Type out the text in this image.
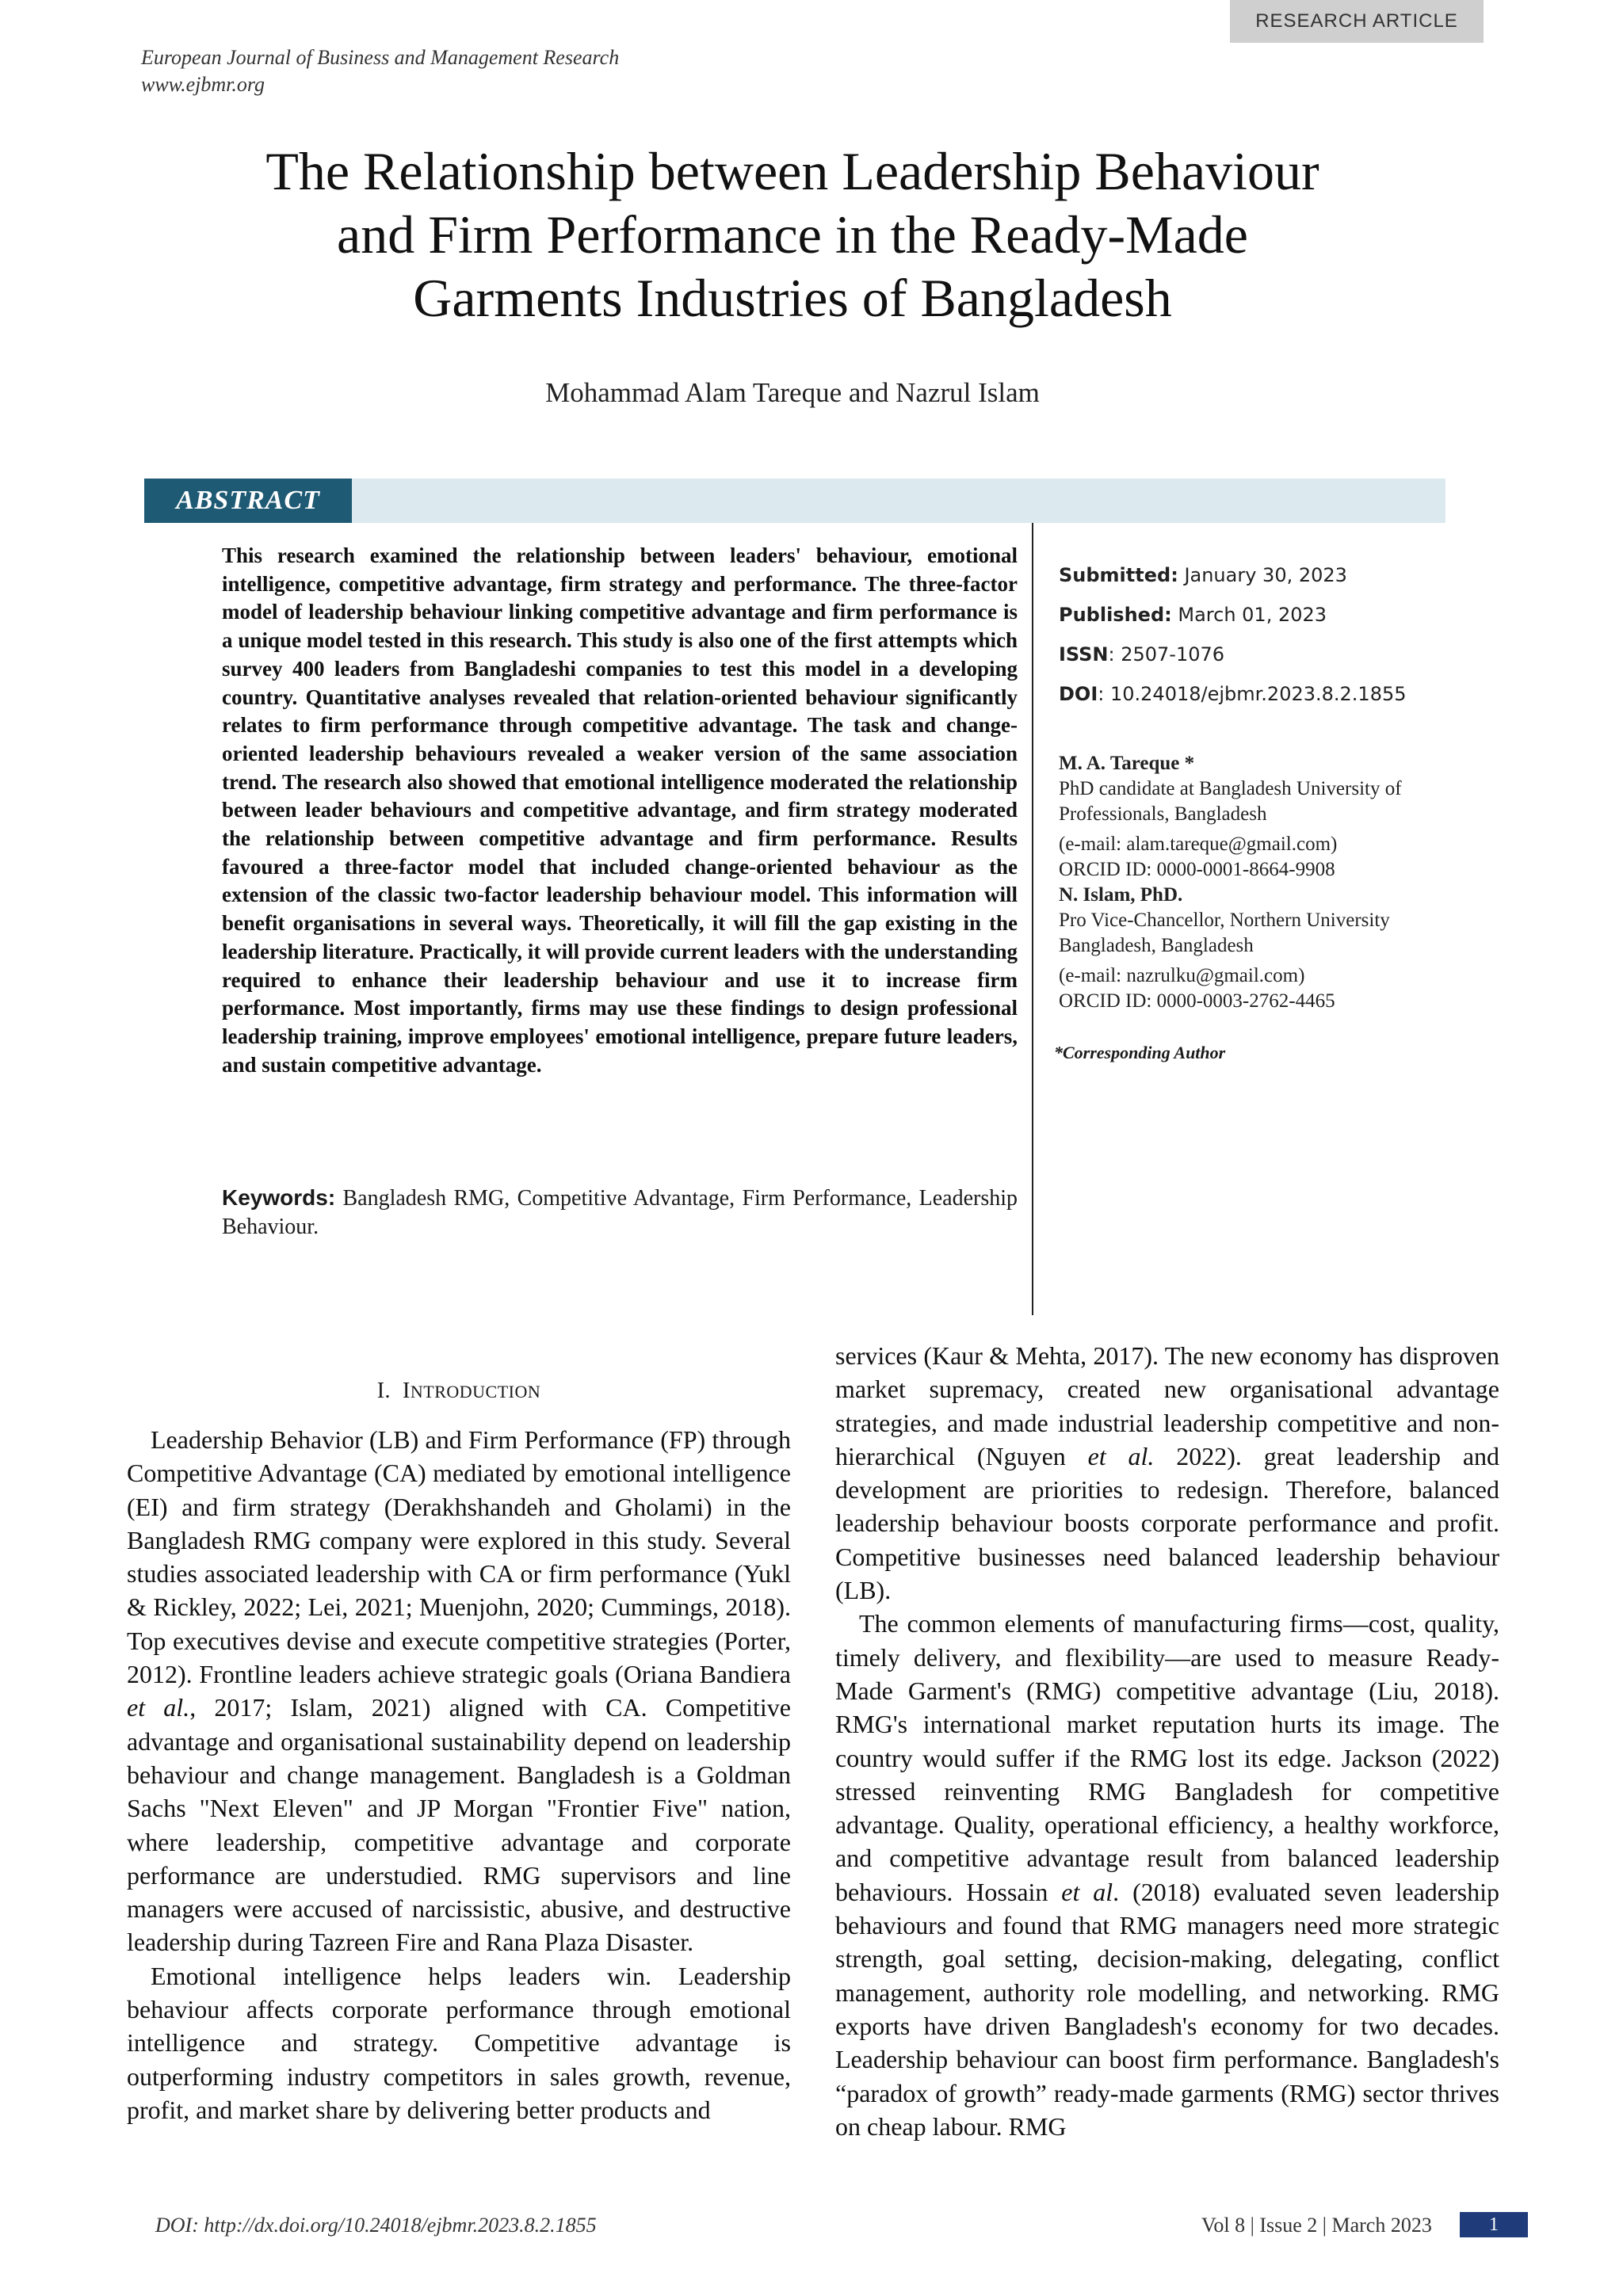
RESEARCH ARTICLE
European Journal of Business and Management Research
www.ejbmr.org
The Relationship between Leadership Behaviour
and Firm Performance in the Ready-Made
Garments Industries of Bangladesh
Mohammad Alam Tareque and Nazrul Islam
ABSTRACT
This research examined the relationship between leaders' behaviour, emotional intelligence, competitive advantage, firm strategy and performance. The three-factor model of leadership behaviour linking competitive advantage and firm performance is a unique model tested in this research. This study is also one of the first attempts which survey 400 leaders from Bangladeshi companies to test this model in a developing country. Quantitative analyses revealed that relation-oriented behaviour significantly relates to firm performance through competitive advantage. The task and change-oriented leadership behaviours revealed a weaker version of the same association trend. The research also showed that emotional intelligence moderated the relationship between leader behaviours and competitive advantage, and firm strategy moderated the relationship between competitive advantage and firm performance. Results favoured a three-factor model that included change-oriented behaviour as the extension of the classic two-factor leadership behaviour model. This information will benefit organisations in several ways. Theoretically, it will fill the gap existing in the leadership literature. Practically, it will provide current leaders with the understanding required to enhance their leadership behaviour and use it to increase firm performance. Most importantly, firms may use these findings to design professional leadership training, improve employees' emotional intelligence, prepare future leaders, and sustain competitive advantage.
Keywords: Bangladesh RMG, Competitive Advantage, Firm Performance, Leadership Behaviour.
Submitted: January 30, 2023
Published: March 01, 2023
ISSN: 2507-1076
DOI: 10.24018/ejbmr.2023.8.2.1855
M. A. Tareque *
PhD candidate at Bangladesh University of
Professionals, Bangladesh
(e-mail: alam.tareque@gmail.com)
ORCID ID: 0000-0001-8664-9908
N. Islam, PhD.
Pro Vice-Chancellor, Northern University
Bangladesh, Bangladesh
(e-mail: nazrulku@gmail.com)
ORCID ID: 0000-0003-2762-4465
*Corresponding Author
I. INTRODUCTION

Leadership Behavior (LB) and Firm Performance (FP) through Competitive Advantage (CA) mediated by emotional intelligence (EI) and firm strategy (Derakhshandeh and Gholami) in the Bangladesh RMG company were explored in this study. Several studies associated leadership with CA or firm performance (Yukl & Rickley, 2022; Lei, 2021; Muenjohn, 2020; Cummings, 2018). Top executives devise and execute competitive strategies (Porter, 2012). Frontline leaders achieve strategic goals (Oriana Bandiera et al., 2017; Islam, 2021) aligned with CA. Competitive advantage and organisational sustainability depend on leadership behaviour and change management. Bangladesh is a Goldman Sachs "Next Eleven" and JP Morgan "Frontier Five" nation, where leadership, competitive advantage and corporate performance are understudied. RMG supervisors and line managers were accused of narcissistic, abusive, and destructive leadership during Tazreen Fire and Rana Plaza Disaster.

Emotional intelligence helps leaders win. Leadership behaviour affects corporate performance through emotional intelligence and strategy. Competitive advantage is outperforming industry competitors in sales growth, revenue, profit, and market share by delivering better products and

services (Kaur & Mehta, 2017). The new economy has disproven market supremacy, created new organisational advantage strategies, and made industrial leadership competitive and non-hierarchical (Nguyen et al. 2022). great leadership and development are priorities to redesign. Therefore, balanced leadership behaviour boosts corporate performance and profit. Competitive businesses need balanced leadership behaviour (LB).

The common elements of manufacturing firms—cost, quality, timely delivery, and flexibility—are used to measure Ready-Made Garment's (RMG) competitive advantage (Liu, 2018). RMG's international market reputation hurts its image. The country would suffer if the RMG lost its edge. Jackson (2022) stressed reinventing RMG Bangladesh for competitive advantage. Quality, operational efficiency, a healthy workforce, and competitive advantage result from balanced leadership behaviours. Hossain et al. (2018) evaluated seven leadership behaviours and found that RMG managers need more strategic strength, goal setting, decision-making, delegating, conflict management, authority role modelling, and networking. RMG exports have driven Bangladesh's economy for two decades. Leadership behaviour can boost firm performance. Bangladesh's “paradox of growth” ready-made garments (RMG) sector thrives on cheap labour. RMG

DOI: http://dx.doi.org/10.24018/ejbmr.2023.8.2.1855	Vol 8 | Issue 2 | March 2023	1
